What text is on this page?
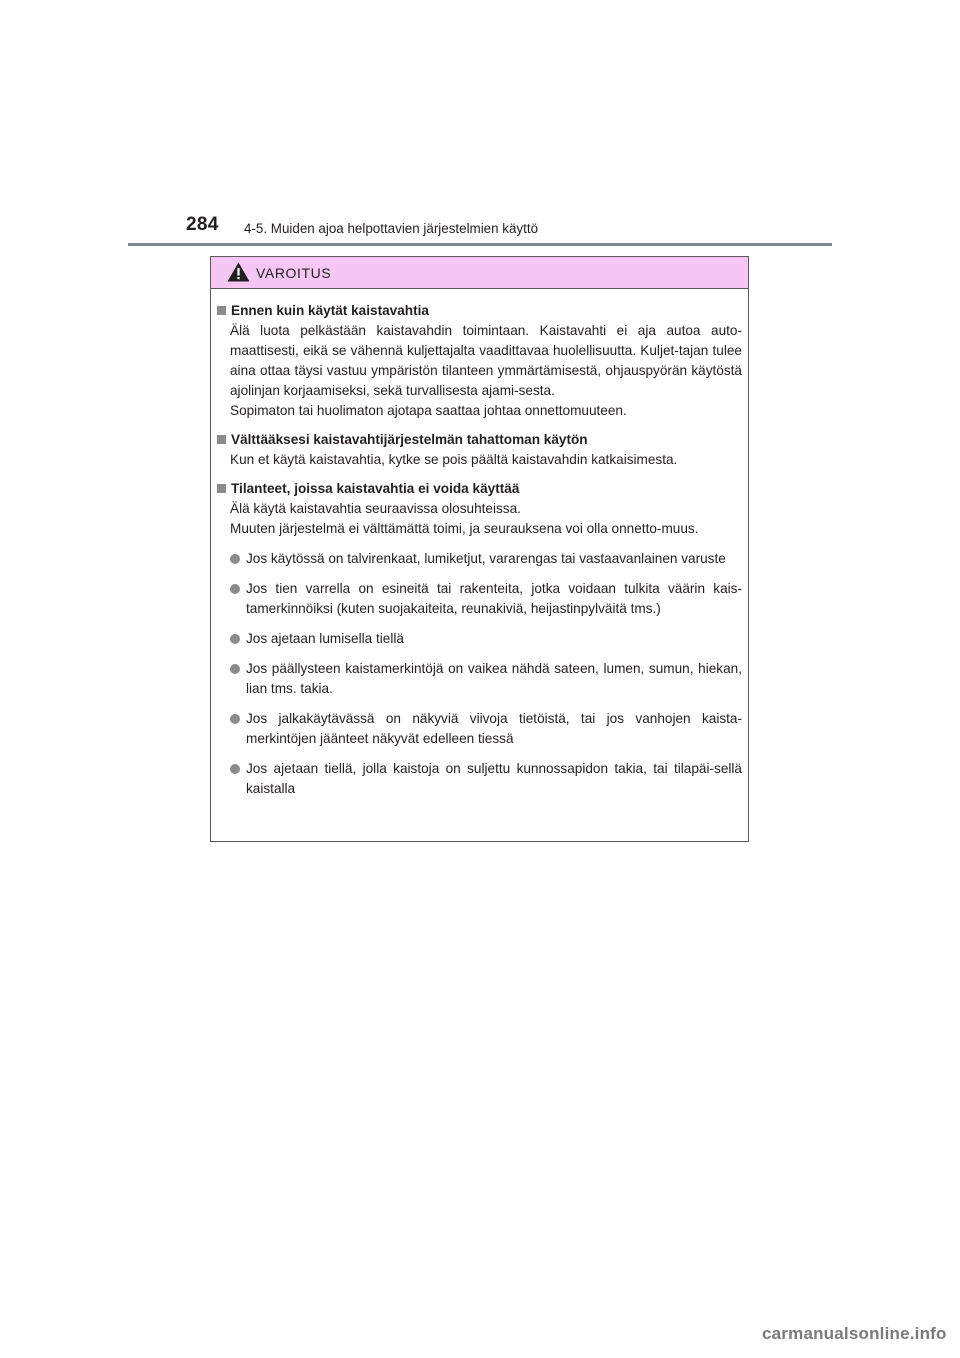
284 4-5. Muiden ajoa helpottavien järjestelmien käyttö
VAROITUS
Ennen kuin käytät kaistavahtia
Älä luota pelkästään kaistavahdin toimintaan. Kaistavahti ei aja autoa auto-maattisesti, eikä se vähennä kuljettajalta vaadittavaa huolellisuutta. Kuljet-tajan tulee aina ottaa täysi vastuu ympäristön tilanteen ymmärtämisestä, ohjauspyörän käytöstä ajolinjan korjaamiseksi, sekä turvallisesta ajami-sesta.
Sopimaton tai huolimaton ajotapa saattaa johtaa onnettomuuteen.
Välttääksesi kaistavahtijärjestelmän tahattoman käytön
Kun et käytä kaistavahtia, kytke se pois päältä kaistavahdin katkaisimesta.
Tilanteet, joissa kaistavahtia ei voida käyttää
Älä käytä kaistavahtia seuraavissa olosuhteissa.
Muuten järjestelmä ei välttämättä toimi, ja seurauksena voi olla onnetto-muus.
Jos käytössä on talvirenkaat, lumiketjut, vararengas tai vastaavanlainen varuste
Jos tien varrella on esineitä tai rakenteita, jotka voidaan tulkita väärin kais-tamerkinnöiksi (kuten suojakaiteita, reunakiviä, heijastinpylväitä tms.)
Jos ajetaan lumisella tiellä
Jos päällysteen kaistamerkintöjä on vaikea nähdä sateen, lumen, sumun, hiekan, lian tms. takia.
Jos jalkakäytävässä on näkyviä viivoja tietöistä, tai jos vanhojen kaista-merkintöjen jäänteet näkyvät edelleen tiessä
Jos ajetaan tiellä, jolla kaistoja on suljettu kunnossapidon takia, tai tilapäi-sellä kaistalla
carmanualsonline.info
